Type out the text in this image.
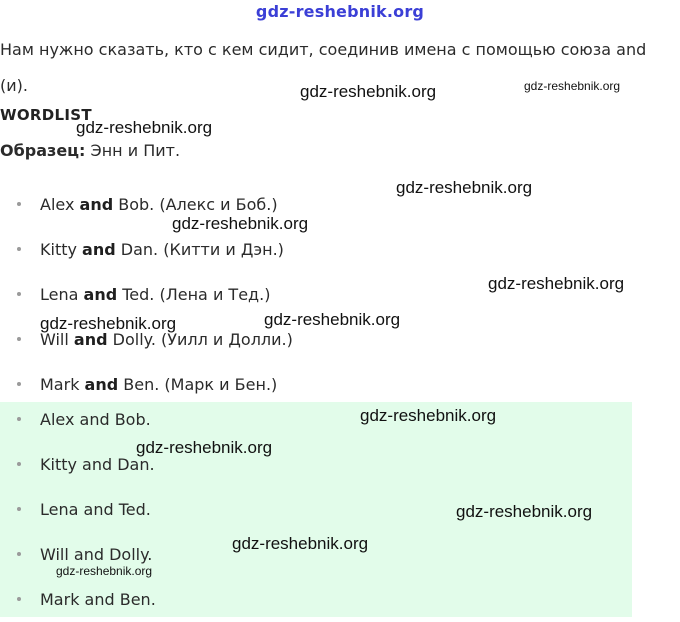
gdz-reshebnik.org
Нам нужно сказать, кто с кем сидит, соединив имена с помощью союза and (и).
WORDLIST
Образец: Энн и Пит.
Alex and Bob. (Алекс и Боб.)
Kitty and Dan. (Китти и Дэн.)
Lena and Ted. (Лена и Тед.)
Will and Dolly. (Уилл и Долли.)
Mark and Ben. (Марк и Бен.)
Alex and Bob.
Kitty and Dan.
Lena and Ted.
Will and Dolly.
Mark and Ben.
gdz-reshebnik.org	gdz-reshebnik.org
gdz-reshebnik.org
gdz-reshebnik.org
gdz-reshebnik.org
gdz-reshebnik.org
gdz-reshebnik.org	gdz-reshebnik.org
gdz-reshebnik.org
gdz-reshebnik.org
gdz-reshebnik.org
gdz-reshebnik.org
gdz-reshebnik.org
